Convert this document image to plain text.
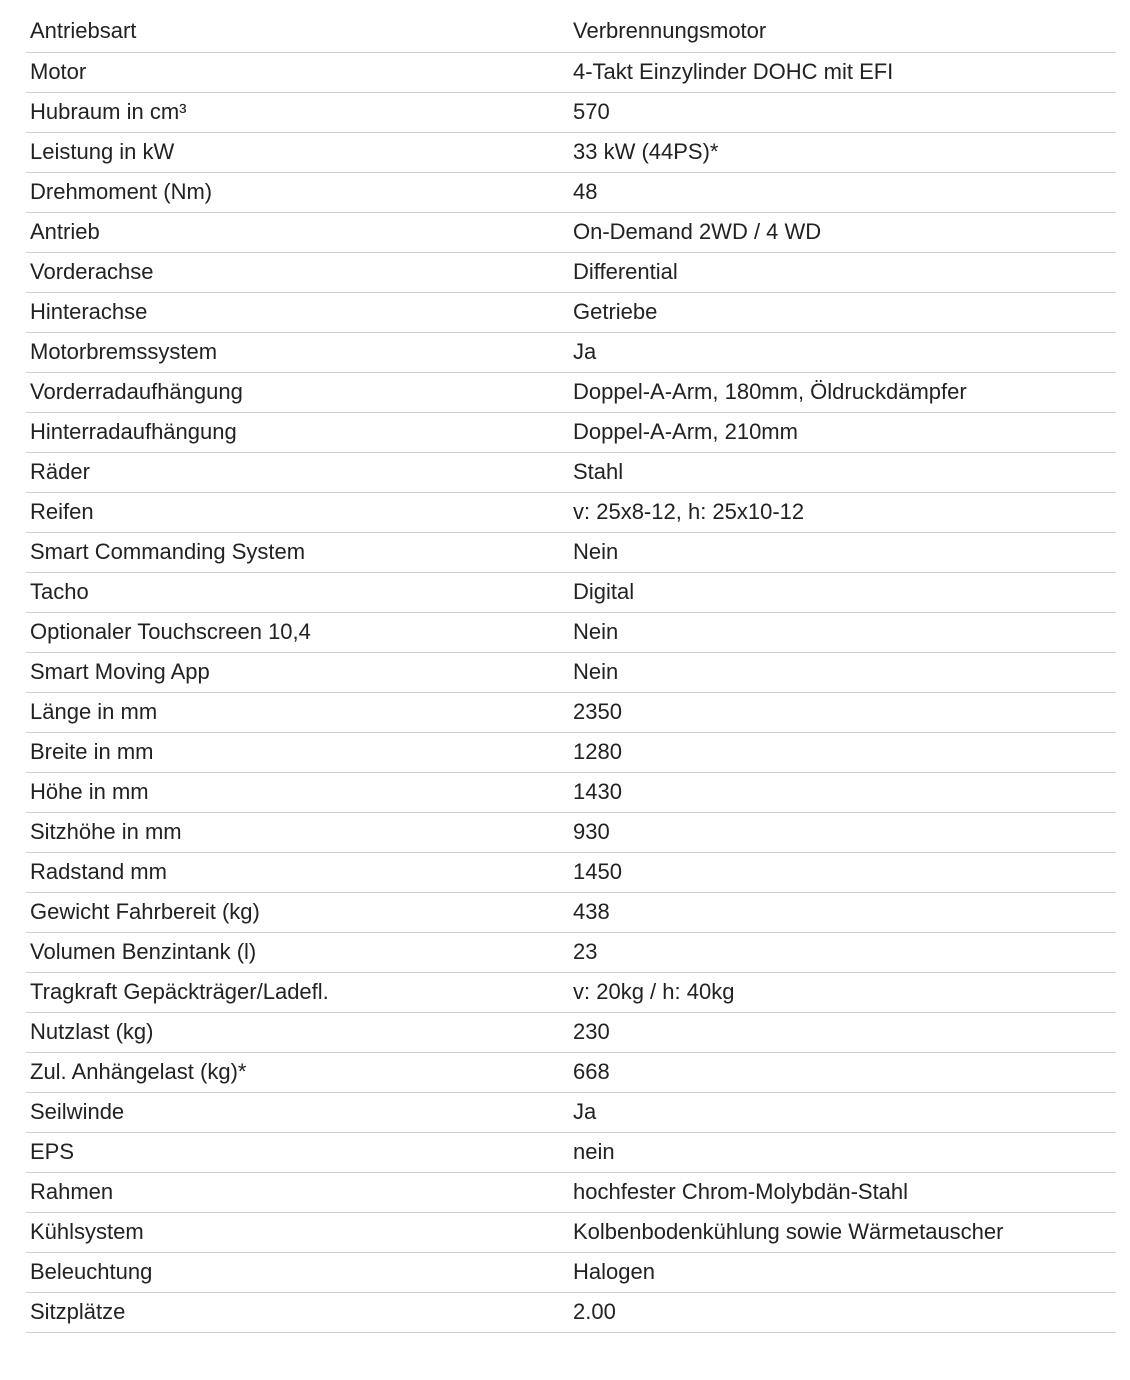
Antriebsart	Verbrennungsmotor
Motor	4-Takt Einzylinder DOHC mit EFI
Hubraum in cm³	570
Leistung in kW	33 kW (44PS)*
Drehmoment (Nm)	48
Antrieb	On-Demand 2WD / 4 WD
Vorderachse	Differential
Hinterachse	Getriebe
Motorbremssystem	Ja
Vorderradaufhängung	Doppel-A-Arm, 180mm, Öldruckdämpfer
Hinterradaufhängung	Doppel-A-Arm, 210mm
Räder	Stahl
Reifen	v: 25x8-12, h: 25x10-12
Smart Commanding System	Nein
Tacho	Digital
Optionaler Touchscreen 10,4	Nein
Smart Moving App	Nein
Länge in mm	2350
Breite in mm	1280
Höhe in mm	1430
Sitzhöhe in mm	930
Radstand mm	1450
Gewicht Fahrbereit (kg)	438
Volumen Benzintank (l)	23
Tragkraft Gepäckträger/Ladefl.	v: 20kg / h: 40kg
Nutzlast (kg)	230
Zul. Anhängelast (kg)*	668
Seilwinde	Ja
EPS	nein
Rahmen	hochfester Chrom-Molybdän-Stahl
Kühlsystem	Kolbenbodenkühlung sowie Wärmetauscher
Beleuchtung	Halogen
Sitzplätze	2.00
